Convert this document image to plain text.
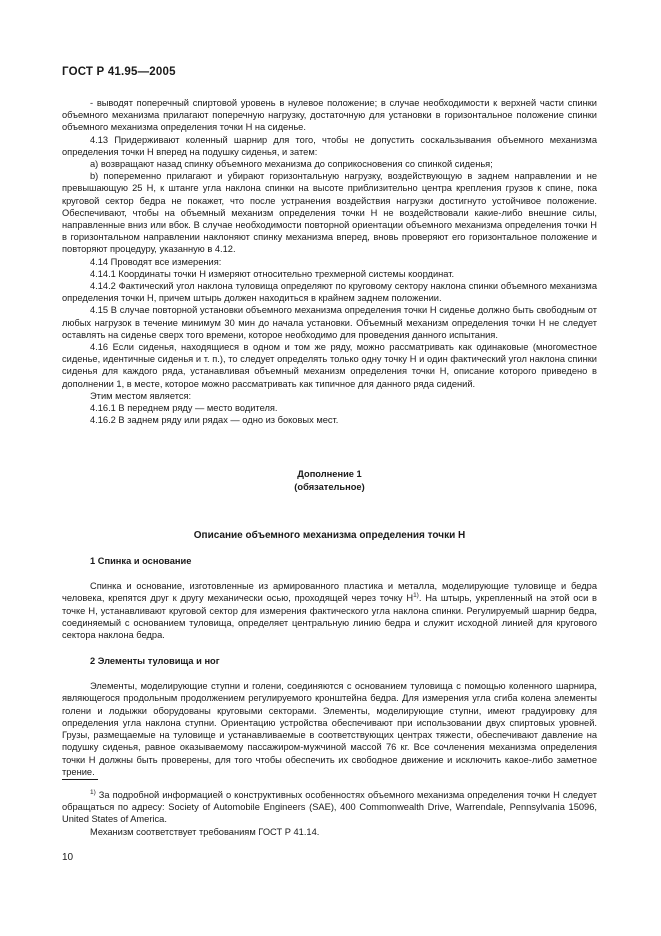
ГОСТ Р 41.95—2005

- выводят поперечный спиртовой уровень в нулевое положение; в случае необходимости к верхней части спинки объемного механизма прилагают поперечную нагрузку, достаточную для установки в горизонтальное положение спинки объемного механизма определения точки H на сиденье.

4.13 Придерживают коленный шарнир для того, чтобы не допустить соскальзывания объемного механизма определения точки H вперед на подушку сиденья, и затем:

a) возвращают назад спинку объемного механизма до соприкосновения со спинкой сиденья;

b) попеременно прилагают и убирают горизонтальную нагрузку, воздействующую в заднем направлении и не превышающую 25 Н, к штанге угла наклона спинки на высоте приблизительно центра крепления грузов к спине, пока круговой сектор бедра не покажет, что после устранения воздействия нагрузки достигнуто устойчивое положение. Обеспечивают, чтобы на объемный механизм определения точки H не воздействовали какие-либо внешние силы, направленные вниз или вбок. В случае необходимости повторной ориентации объемного механизма определения точки H в горизонтальном направлении наклоняют спинку механизма вперед, вновь проверяют его горизонтальное положение и повторяют процедуру, указанную в 4.12.

4.14 Проводят все измерения:

4.14.1 Координаты точки H измеряют относительно трехмерной системы координат.

4.14.2 Фактический угол наклона туловища определяют по круговому сектору наклона спинки объемного механизма определения точки H, причем штырь должен находиться в крайнем заднем положении.

4.15 В случае повторной установки объемного механизма определения точки H сиденье должно быть свободным от любых нагрузок в течение минимум 30 мин до начала установки. Объемный механизм определения точки H не следует оставлять на сиденье сверх того времени, которое необходимо для проведения данного испытания.

4.16 Если сиденья, находящиеся в одном и том же ряду, можно рассматривать как одинаковые (многоместное сиденье, идентичные сиденья и т. п.), то следует определять только одну точку H и один фактический угол наклона спинки сиденья для каждого ряда, устанавливая объемный механизм определения точки H, описание которого приведено в дополнении 1, в месте, которое можно рассматривать как типичное для данного ряда сидений.

Этим местом является:

4.16.1 В переднем ряду — место водителя.

4.16.2 В заднем ряду или рядах — одно из боковых мест.

Дополнение 1
(обязательное)
Описание объемного механизма определения точки H
1 Спинка и основание

Спинка и основание, изготовленные из армированного пластика и металла, моделирующие туловище и бедра человека, крепятся друг к другу механически осью, проходящей через точку $H^{1)}$. На штырь, укрепленный на этой оси в точке H, устанавливают круговой сектор для измерения фактического угла наклона спинки. Регулируемый шарнир бедра, соединяемый с основанием туловища, определяет центральную линию бедра и служит исходной линией для кругового сектора наклона бедра.

2 Элементы туловища и ног

Элементы, моделирующие ступни и голени, соединяются с основанием туловища с помощью коленного шарнира, являющегося продольным продолжением регулируемого кронштейна бедра. Для измерения угла сгиба колена элементы голени и лодыжки оборудованы круговыми секторами. Элементы, моделирующие ступни, имеют градуировку для определения угла наклона ступни. Ориентацию устройства обеспечивают при использовании двух спиртовых уровней. Грузы, размещаемые на туловище и устанавливаемые в соответствующих центрах тяжести, обеспечивают давление на подушку сиденья, равное оказываемому пассажиром-мужчиной массой 76 кг. Все сочленения механизма определения точки H должны быть проверены, для того чтобы обеспечить их свободное движение и исключить какое-либо заметное трение.

$^{1)}$ За подробной информацией о конструктивных особенностях объемного механизма определения точки H следует обращаться по адресу: Society of Automobile Engineers (SAE), 400 Commonwealth Drive, Warrendale, Pennsylvania 15096, United States of America.

Механизм соответствует требованиям ГОСТ Р 41.14.

10
